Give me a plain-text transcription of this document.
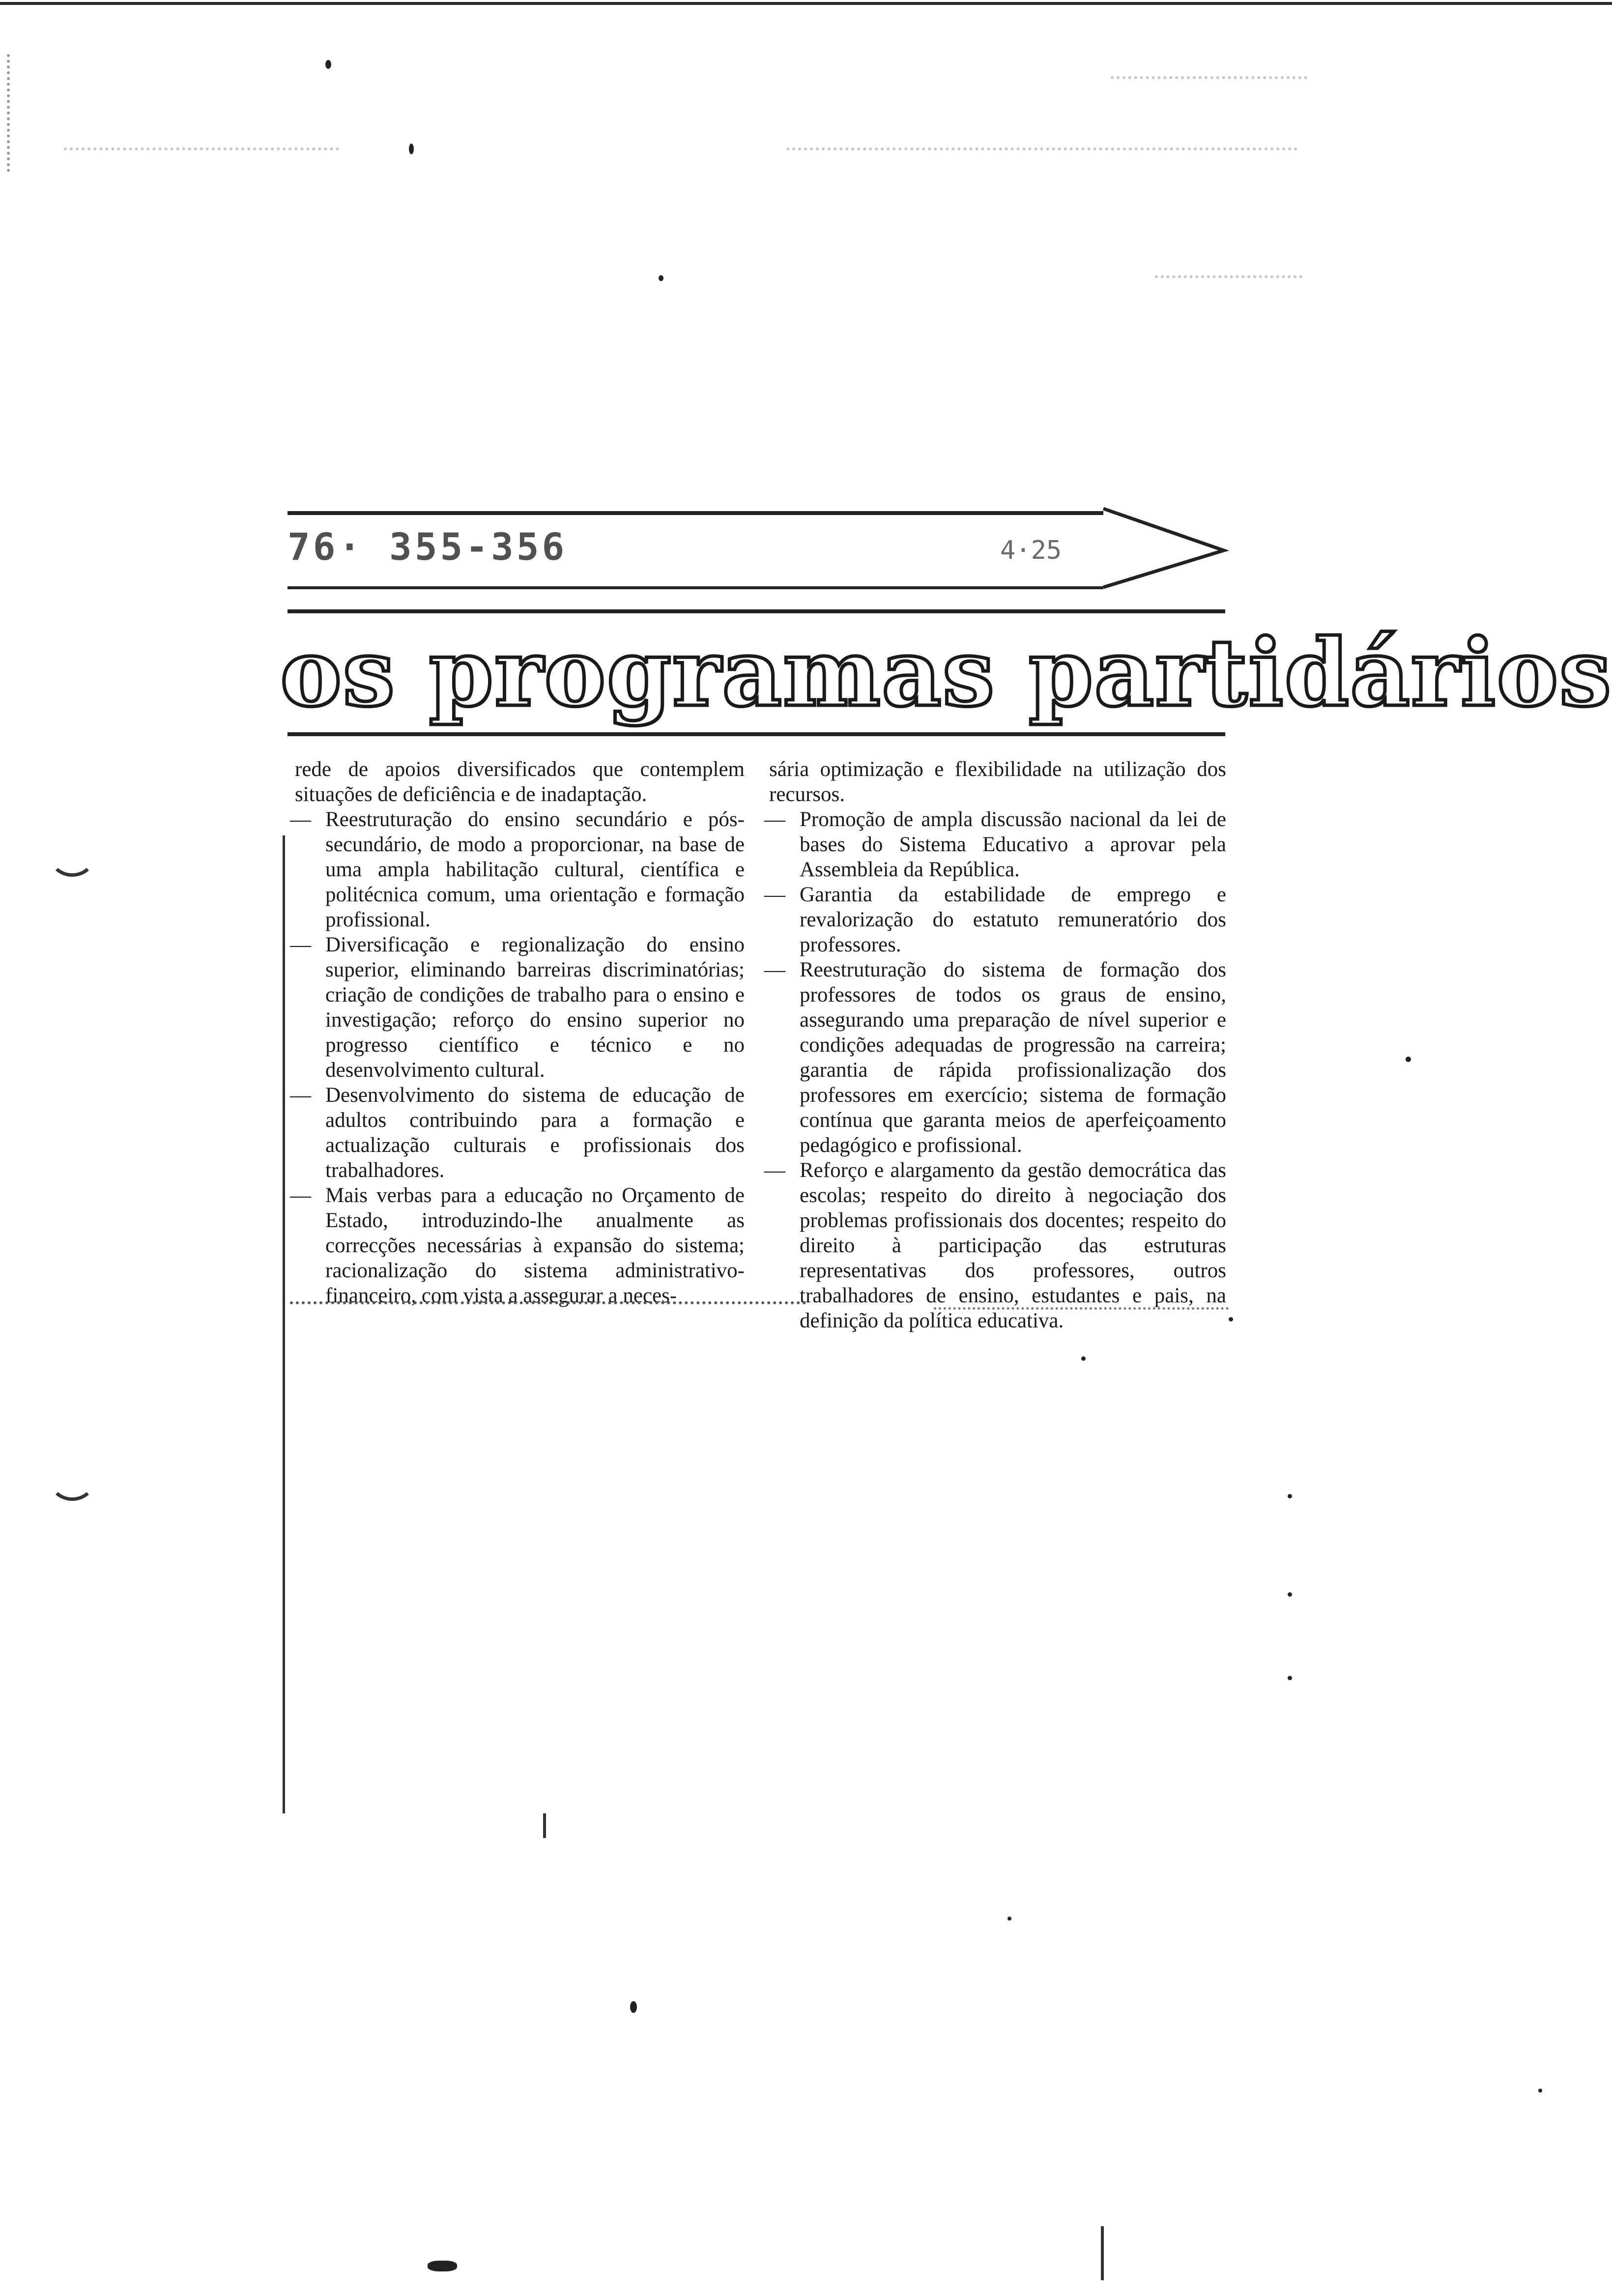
76· 355-356	4·25
os programas partidários

rede de apoios diversificados que contemplem situações de deficiência e de inadaptação.

— Reestruturação do ensino secundário e pós-secundário, de modo a proporcionar, na base de uma ampla habilitação cultural, científica e politécnica comum, uma orientação e formação profissional.

— Diversificação e regionalização do ensino superior, eliminando barreiras discriminatórias; criação de condições de trabalho para o ensino e investigação; reforço do ensino superior no progresso científico e técnico e no desenvolvimento cultural.

— Desenvolvimento do sistema de educação de adultos contribuindo para a formação e actualização culturais e profissionais dos trabalhadores.

— Mais verbas para a educação no Orçamento de Estado, introduzindo-lhe anualmente as correcções necessárias à expansão do sistema; racionalização do sistema administrativo-financeiro, com vista a assegurar a neces-

sária optimização e flexibilidade na utilização dos recursos.

— Promoção de ampla discussão nacional da lei de bases do Sistema Educativo a aprovar pela Assembleia da República.

— Garantia da estabilidade de emprego e revalorização do estatuto remuneratório dos professores.

— Reestruturação do sistema de formação dos professores de todos os graus de ensino, assegurando uma preparação de nível superior e condições adequadas de progressão na carreira; garantia de rápida profissionalização dos professores em exercício; sistema de formação contínua que garanta meios de aperfeiçoamento pedagógico e profissional.

— Reforço e alargamento da gestão democrática das escolas; respeito do direito à negociação dos problemas profissionais dos docentes; respeito do direito à participação das estruturas representativas dos professores, outros trabalhadores de ensino, estudantes e pais, na definição da política educativa.
